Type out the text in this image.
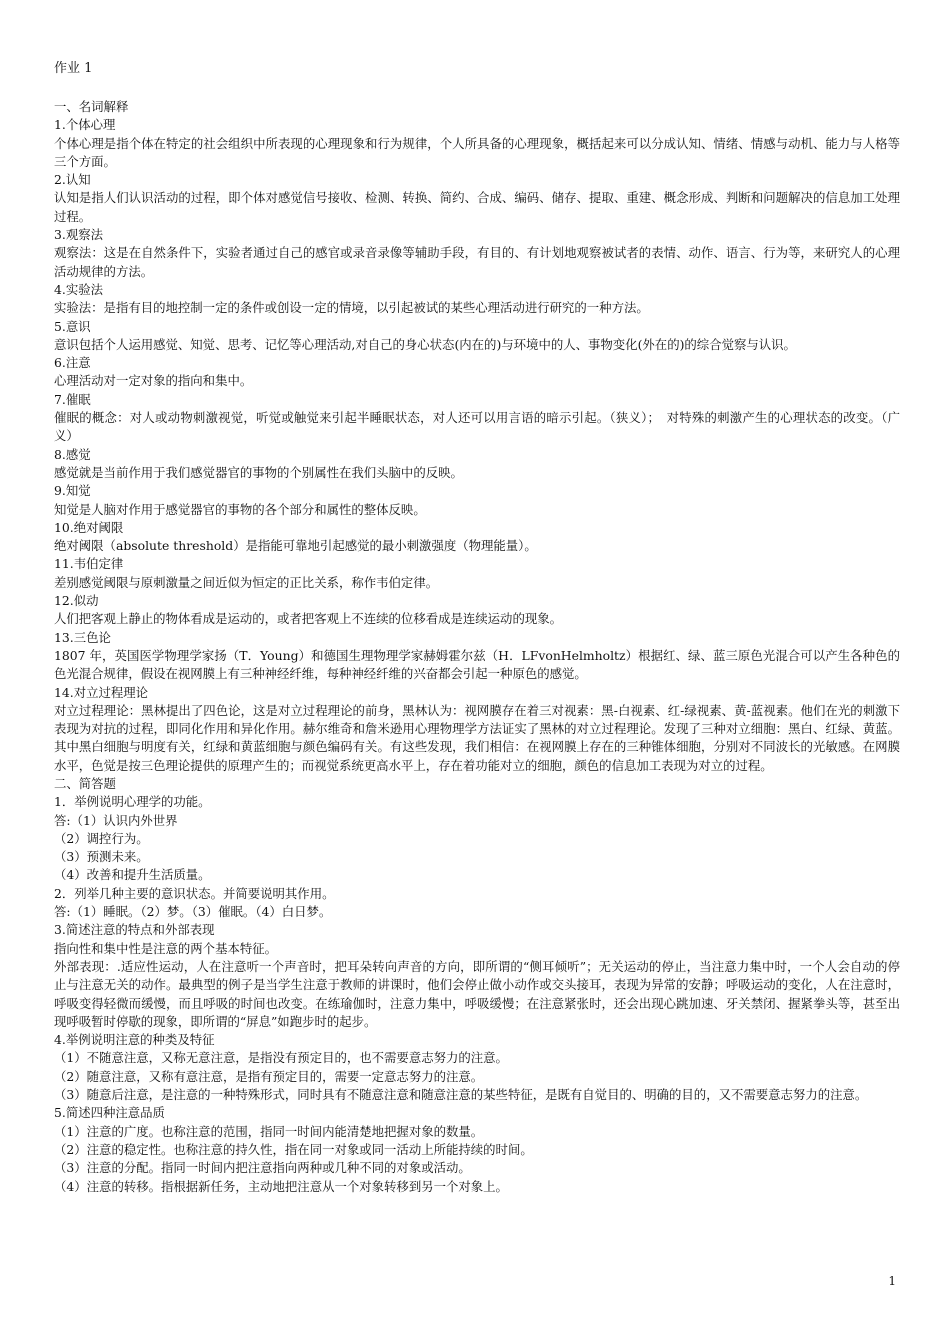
作业 1

一、名词解释

1.个体心理

个体心理是指个体在特定的社会组织中所表现的心理现象和行为规律，个人所具备的心理现象，概括起来可以分成认知、情绪、情感与动机、能力与人格等三个方面。

2.认知

认知是指人们认识活动的过程，即个体对感觉信号接收、检测、转换、简约、合成、编码、储存、提取、重建、概念形成、判断和问题解决的信息加工处理过程。

3.观察法

观察法：这是在自然条件下，实验者通过自己的感官或录音录像等辅助手段，有目的、有计划地观察被试者的表情、动作、语言、行为等，来研究人的心理活动规律的方法。

4.实验法

实验法：是指有目的地控制一定的条件或创设一定的情境，以引起被试的某些心理活动进行研究的一种方法。

5.意识

意识包括个人运用感觉、知觉、思考、记忆等心理活动,对自己的身心状态(内在的)与环境中的人、事物变化(外在的)的综合觉察与认识。

6.注意

心理活动对一定对象的指向和集中。

7.催眠

催眠的概念：对人或动物刺激视觉，听觉或触觉来引起半睡眠状态，对人还可以用言语的暗示引起。（狭义）；　对特殊的刺激产生的心理状态的改变。（广义）

8.感觉

感觉就是当前作用于我们感觉器官的事物的个别属性在我们头脑中的反映。

9.知觉

知觉是人脑对作用于感觉器官的事物的各个部分和属性的整体反映。

10.绝对阈限

绝对阈限（absolute threshold）是指能可靠地引起感觉的最小刺激强度（物理能量）。

11.韦伯定律

差别感觉阈限与原刺激量之间近似为恒定的正比关系，称作韦伯定律。

12.似动

人们把客观上静止的物体看成是运动的，或者把客观上不连续的位移看成是连续运动的现象。

13.三色论

1807 年，英国医学物理学家扬（T．Young）和德国生理物理学家赫姆霍尔兹（H．LFvonHelmholtz）根据红、绿、蓝三原色光混合可以产生各种色的色光混合规律，假设在视网膜上有三种神经纤维，每种神经纤维的兴奋都会引起一种原色的感觉。

14.对立过程理论

对立过程理论：黑林提出了四色论，这是对立过程理论的前身，黑林认为：视网膜存在着三对视素：黑-白视素、红-绿视素、黄-蓝视素。他们在光的刺激下表现为对抗的过程，即同化作用和异化作用。赫尔维奇和詹米逊用心理物理学方法证实了黑林的对立过程理论。发现了三种对立细胞：黑白、红绿、黄蓝。其中黑白细胞与明度有关，红绿和黄蓝细胞与颜色编码有关。有这些发现，我们相信：在视网膜上存在的三种锥体细胞，分别对不同波长的光敏感。在网膜水平，色觉是按三色理论提供的原理产生的；而视觉系统更高水平上，存在着功能对立的细胞，颜色的信息加工表现为对立的过程。

二、简答题

1．举例说明心理学的功能。

答:（1）认识内外世界

（2）调控行为。

（3）预测未来。

（4）改善和提升生活质量。

2．列举几种主要的意识状态。并简要说明其作用。

答:（1）睡眠。（2）梦。（3）催眠。（4）白日梦。

3.简述注意的特点和外部表现

指向性和集中性是注意的两个基本特征。

外部表现：.适应性运动，人在注意听一个声音时，把耳朵转向声音的方向，即所谓的“侧耳倾听”；无关运动的停止，当注意力集中时，一个人会自动的停止与注意无关的动作。最典型的例子是当学生注意于教师的讲课时，他们会停止做小动作或交头接耳，表现为异常的安静；呼吸运动的变化，人在注意时，呼吸变得轻微而缓慢，而且呼吸的时间也改变。在练瑜伽时，注意力集中，呼吸缓慢；在注意紧张时，还会出现心跳加速、牙关禁闭、握紧拳头等，甚至出现呼吸暂时停歇的现象，即所谓的“屏息”如跑步时的起步。

4.举例说明注意的种类及特征

（1）不随意注意，又称无意注意，是指没有预定目的，也不需要意志努力的注意。

（2）随意注意，又称有意注意，是指有预定目的，需要一定意志努力的注意。

（3）随意后注意，是注意的一种特殊形式，同时具有不随意注意和随意注意的某些特征，是既有自觉目的、明确的目的，又不需要意志努力的注意。

5.简述四种注意品质

（1）注意的广度。也称注意的范围，指同一时间内能清楚地把握对象的数量。

（2）注意的稳定性。也称注意的持久性，指在同一对象或同一活动上所能持续的时间。

（3）注意的分配。指同一时间内把注意指向两种或几种不同的对象或活动。

（4）注意的转移。指根据新任务，主动地把注意从一个对象转移到另一个对象上。

1
